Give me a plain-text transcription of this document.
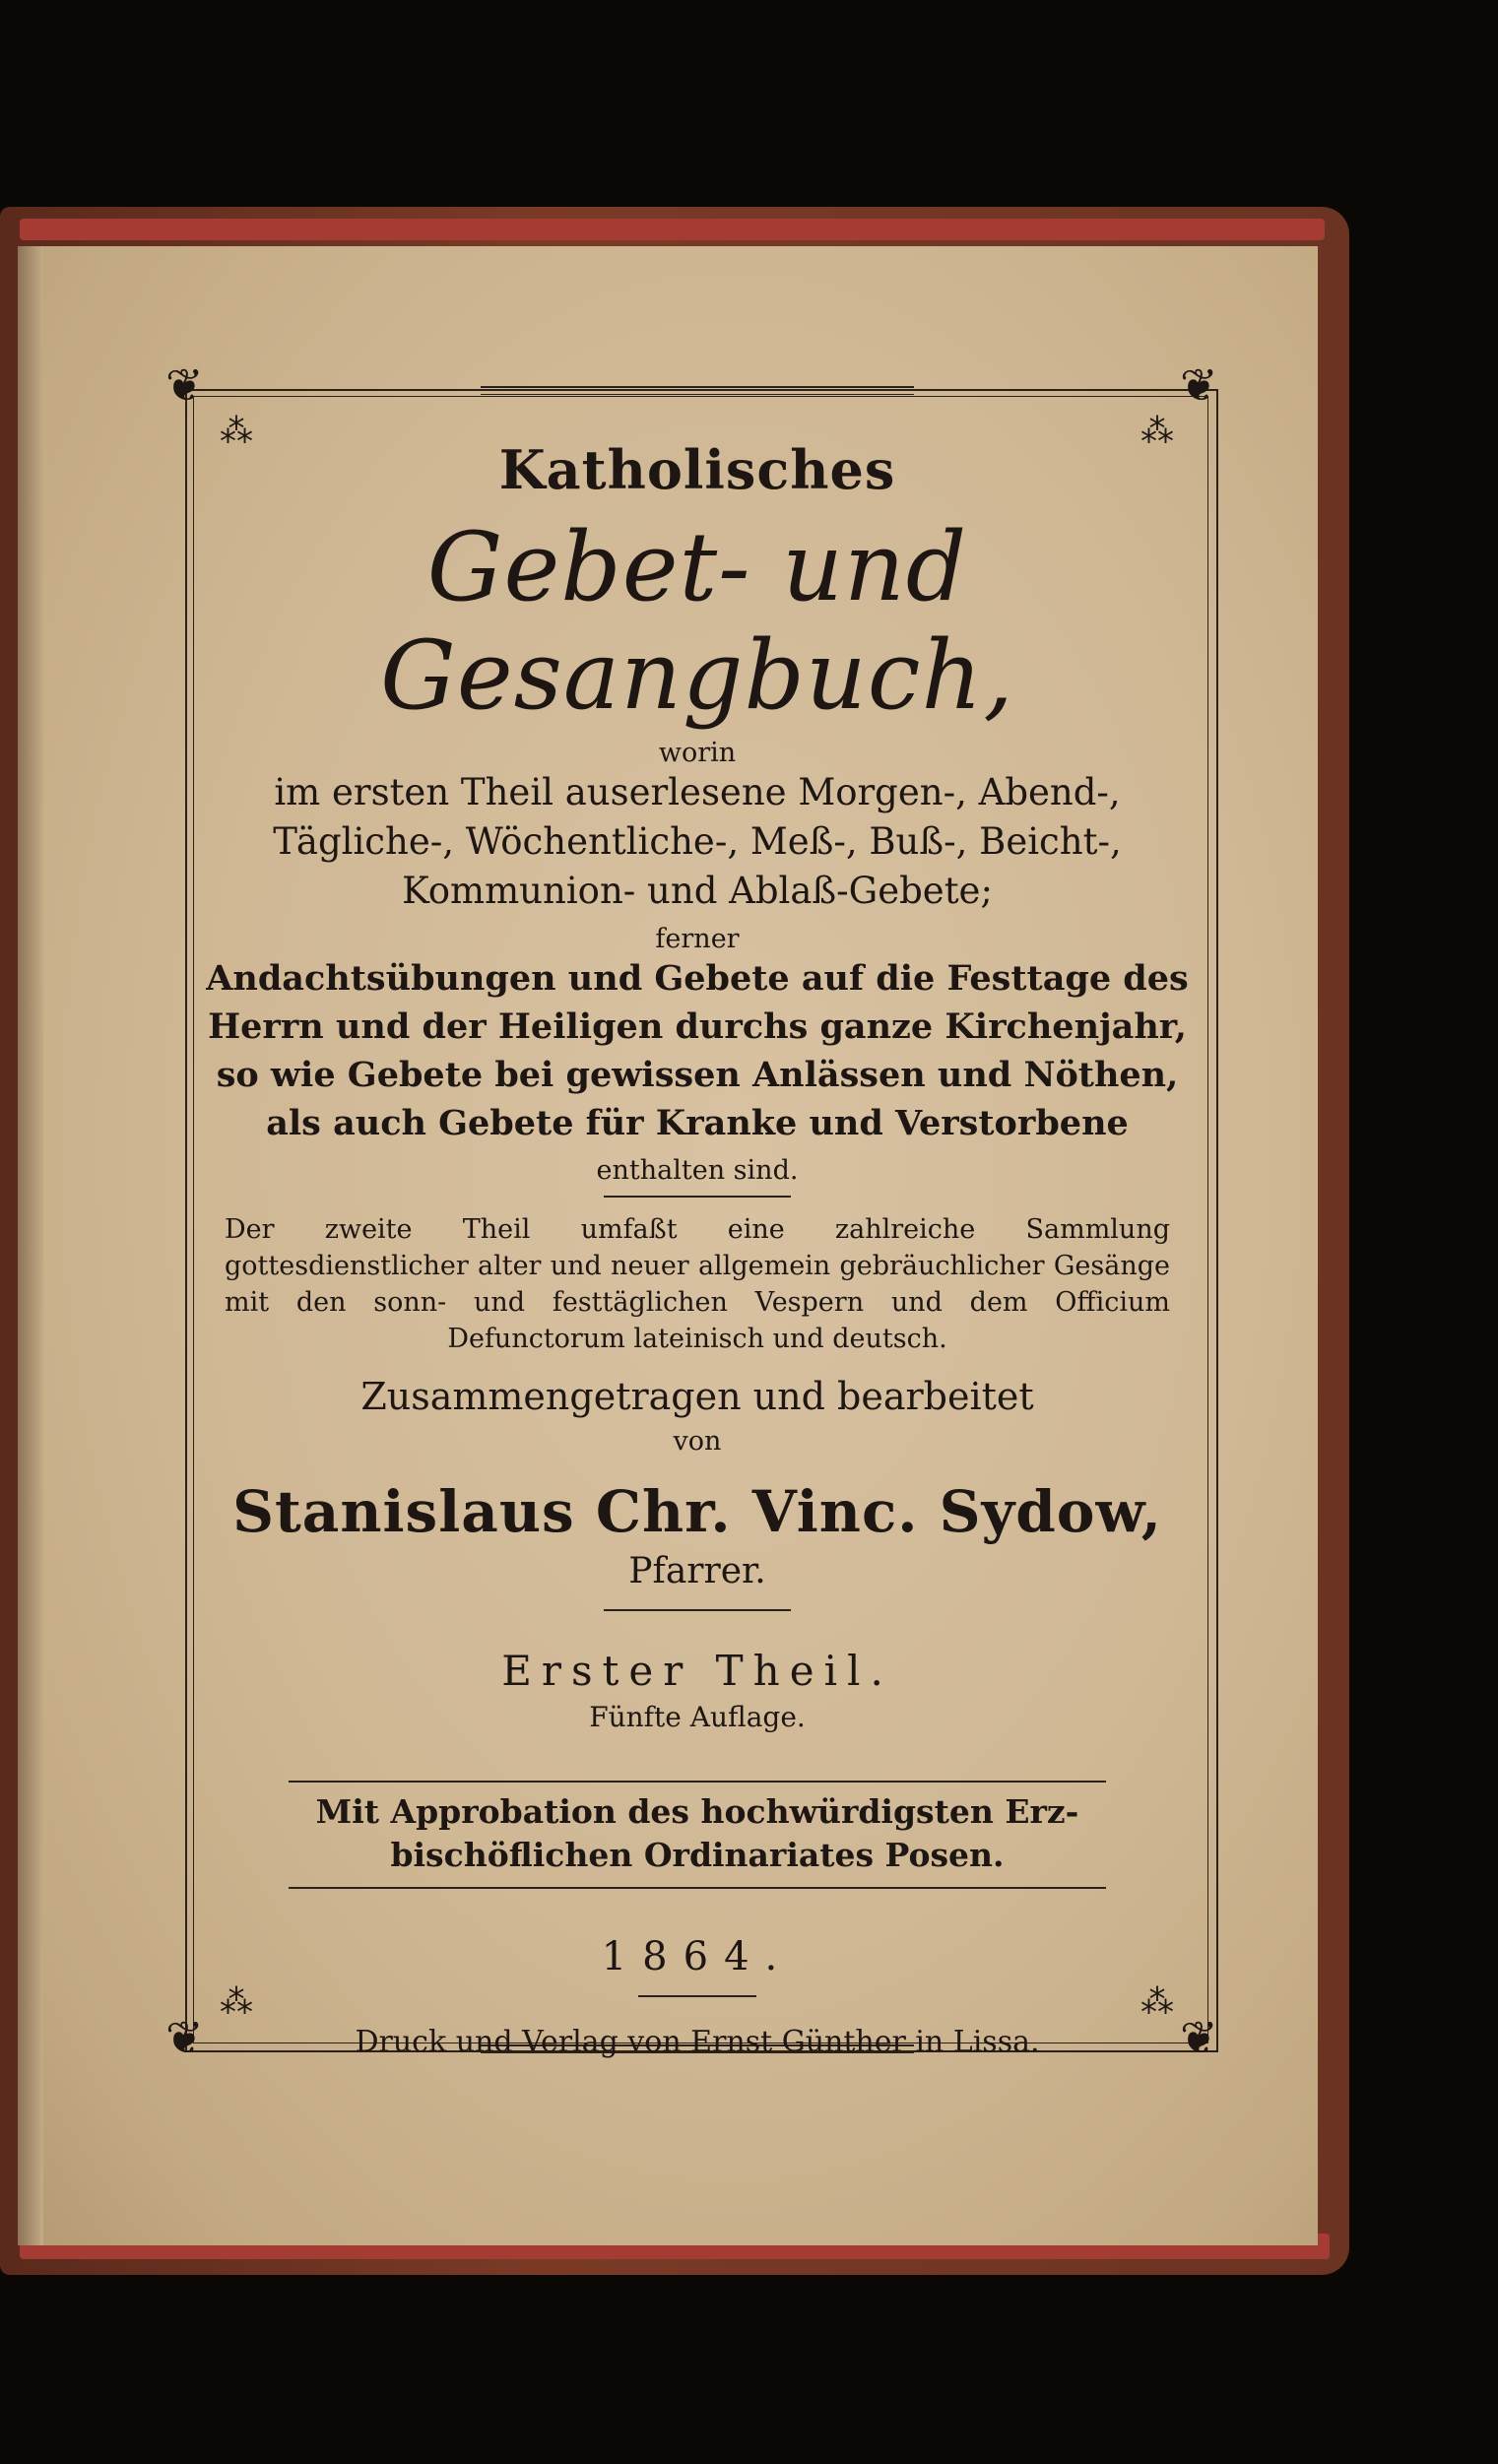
❦	❦
⁂	⁂
❦	❦
⁂	⁂
Katholisches
Gebet- und Gesangbuch,
worin
im ersten Theil auserlesene Morgen-, Abend-,
Tägliche-, Wöchentliche-, Meß-, Buß-, Beicht-,
Kommunion- und Ablaß-Gebete;
ferner
Andachtsübungen und Gebete auf die Festtage des
Herrn und der Heiligen durchs ganze Kirchenjahr,
so wie Gebete bei gewissen Anlässen und Nöthen,
als auch Gebete für Kranke und Verstorbene
enthalten sind.
Der zweite Theil umfaßt eine zahlreiche Sammlung gottesdienstlicher alter und neuer allgemein gebräuchlicher Gesänge mit den sonn- und festtäglichen Vespern und dem Officium Defunctorum lateinisch und deutsch.
Zusammengetragen und bearbeitet
von
Stanislaus Chr. Vinc. Sydow,
Pfarrer.
Erster Theil.
Fünfte Auflage.
Mit Approbation des hochwürdigsten Erz-
bischöflichen Ordinariates Posen.
1864.
Druck und Verlag von Ernst Günther in Lissa.
